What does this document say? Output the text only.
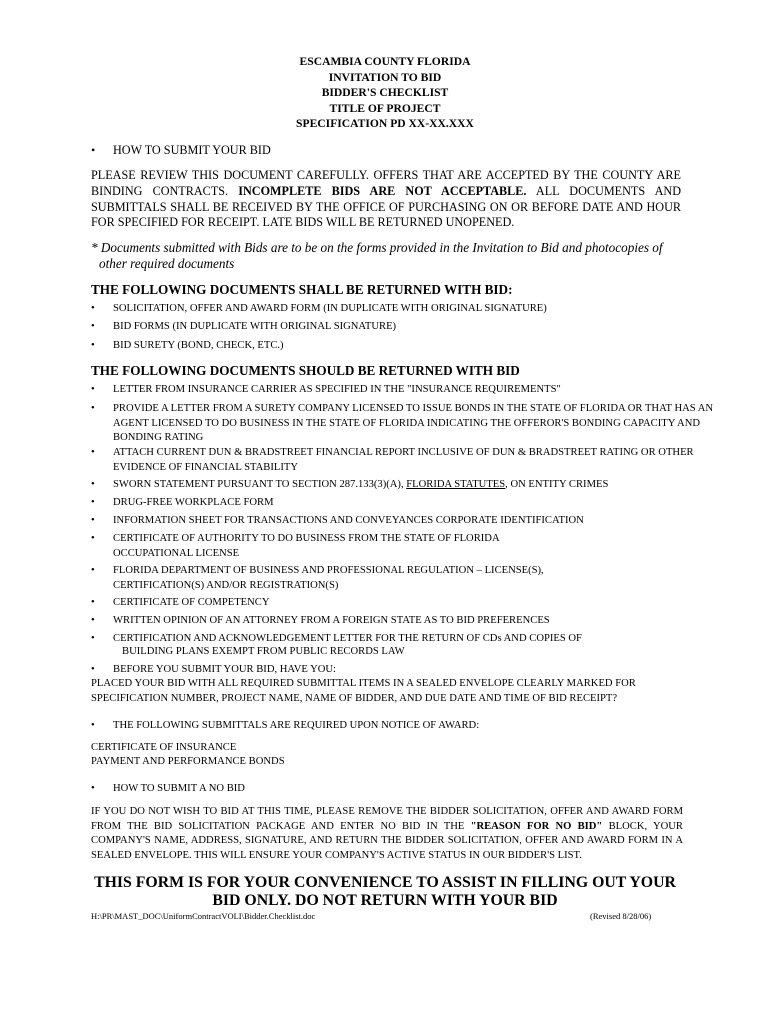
ESCAMBIA COUNTY FLORIDA
INVITATION TO BID
BIDDER'S CHECKLIST
TITLE OF PROJECT
SPECIFICATION PD XX-XX.XXX
• HOW TO SUBMIT YOUR BID
PLEASE REVIEW THIS DOCUMENT CAREFULLY. OFFERS THAT ARE ACCEPTED BY THE COUNTY ARE BINDING CONTRACTS. INCOMPLETE BIDS ARE NOT ACCEPTABLE. ALL DOCUMENTS AND SUBMITTALS SHALL BE RECEIVED BY THE OFFICE OF PURCHASING ON OR BEFORE DATE AND HOUR FOR SPECIFIED FOR RECEIPT. LATE BIDS WILL BE RETURNED UNOPENED.
* Documents submitted with Bids are to be on the forms provided in the Invitation to Bid and photocopies of
other required documents
THE FOLLOWING DOCUMENTS SHALL BE RETURNED WITH BID:
• SOLICITATION, OFFER AND AWARD FORM (IN DUPLICATE WITH ORIGINAL SIGNATURE)
• BID FORMS (IN DUPLICATE WITH ORIGINAL SIGNATURE)
• BID SURETY (BOND, CHECK, ETC.)
THE FOLLOWING DOCUMENTS SHOULD BE RETURNED WITH BID
• LETTER FROM INSURANCE CARRIER AS SPECIFIED IN THE "INSURANCE REQUIREMENTS"
• PROVIDE A LETTER FROM A SURETY COMPANY LICENSED TO ISSUE BONDS IN THE STATE OF FLORIDA OR THAT HAS AN AGENT LICENSED TO DO BUSINESS IN THE STATE OF FLORIDA INDICATING THE OFFEROR'S BONDING CAPACITY AND BONDING RATING
• ATTACH CURRENT DUN & BRADSTREET FINANCIAL REPORT INCLUSIVE OF DUN & BRADSTREET RATING OR OTHER EVIDENCE OF FINANCIAL STABILITY
• SWORN STATEMENT PURSUANT TO SECTION 287.133(3)(A), FLORIDA STATUTES, ON ENTITY CRIMES
• DRUG-FREE WORKPLACE FORM
• INFORMATION SHEET FOR TRANSACTIONS AND CONVEYANCES CORPORATE IDENTIFICATION
• CERTIFICATE OF AUTHORITY TO DO BUSINESS FROM THE STATE OF FLORIDA OCCUPATIONAL LICENSE
• FLORIDA DEPARTMENT OF BUSINESS AND PROFESSIONAL REGULATION – LICENSE(S), CERTIFICATION(S) AND/OR REGISTRATION(S)
• CERTIFICATE OF COMPETENCY
• WRITTEN OPINION OF AN ATTORNEY FROM A FOREIGN STATE AS TO BID PREFERENCES
• CERTIFICATION AND ACKNOWLEDGEMENT LETTER FOR THE RETURN OF CDs AND COPIES OF
BUILDING PLANS EXEMPT FROM PUBLIC RECORDS LAW
• BEFORE YOU SUBMIT YOUR BID, HAVE YOU:
PLACED YOUR BID WITH ALL REQUIRED SUBMITTAL ITEMS IN A SEALED ENVELOPE CLEARLY MARKED FOR SPECIFICATION NUMBER, PROJECT NAME, NAME OF BIDDER, AND DUE DATE AND TIME OF BID RECEIPT?
• THE FOLLOWING SUBMITTALS ARE REQUIRED UPON NOTICE OF AWARD:
CERTIFICATE OF INSURANCE
PAYMENT AND PERFORMANCE BONDS
• HOW TO SUBMIT A NO BID
IF YOU DO NOT WISH TO BID AT THIS TIME, PLEASE REMOVE THE BIDDER SOLICITATION, OFFER AND AWARD FORM FROM THE BID SOLICITATION PACKAGE AND ENTER NO BID IN THE "REASON FOR NO BID" BLOCK, YOUR COMPANY'S NAME, ADDRESS, SIGNATURE, AND RETURN THE BIDDER SOLICITATION, OFFER AND AWARD FORM IN A SEALED ENVELOPE. THIS WILL ENSURE YOUR COMPANY'S ACTIVE STATUS IN OUR BIDDER'S LIST.
THIS FORM IS FOR YOUR CONVENIENCE TO ASSIST IN FILLING OUT YOUR
BID ONLY. DO NOT RETURN WITH YOUR BID
H:\PR\MAST_DOC\UniformContractVOLI\Bidder.Checklist.doc	(Revised 8/28/06)
